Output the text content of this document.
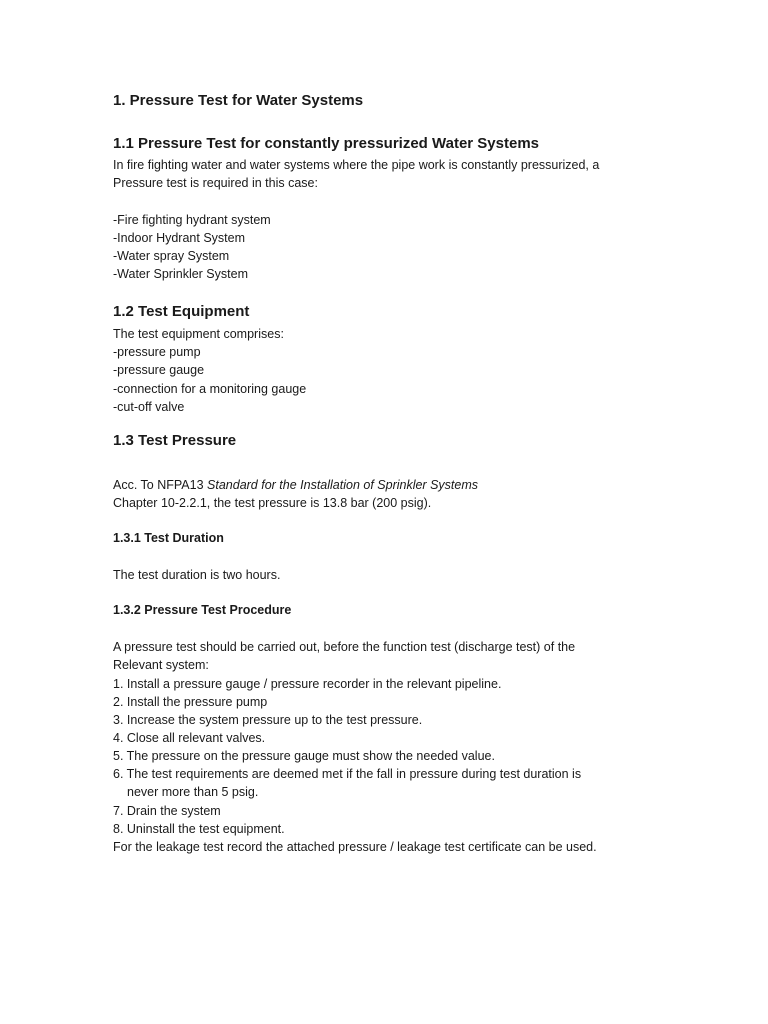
1. Pressure Test for Water Systems
1.1 Pressure Test for constantly pressurized Water Systems
In fire fighting water and water systems where the pipe work is constantly pressurized, a
Pressure test is required in this case:
-Fire fighting hydrant system
-Indoor Hydrant System
-Water spray System
-Water Sprinkler System
1.2 Test Equipment
The test equipment comprises:
-pressure pump
-pressure gauge
-connection for a monitoring gauge
-cut-off valve
1.3 Test Pressure
Acc. To NFPA13 Standard for the Installation of Sprinkler Systems
Chapter 10-2.2.1, the test pressure is 13.8 bar (200 psig).
1.3.1 Test Duration
The test duration is two hours.
1.3.2 Pressure Test Procedure
A pressure test should be carried out, before the function test (discharge test) of the
Relevant system:
1. Install a pressure gauge / pressure recorder in the relevant pipeline.
2. Install the pressure pump
3. Increase the system pressure up to the test pressure.
4. Close all relevant valves.
5. The pressure on the pressure gauge must show the needed value.
6. The test requirements are deemed met if the fall in pressure during test duration is
never more than 5 psig.
7. Drain the system
8. Uninstall the test equipment.
For the leakage test record the attached pressure / leakage test certificate can be used.
